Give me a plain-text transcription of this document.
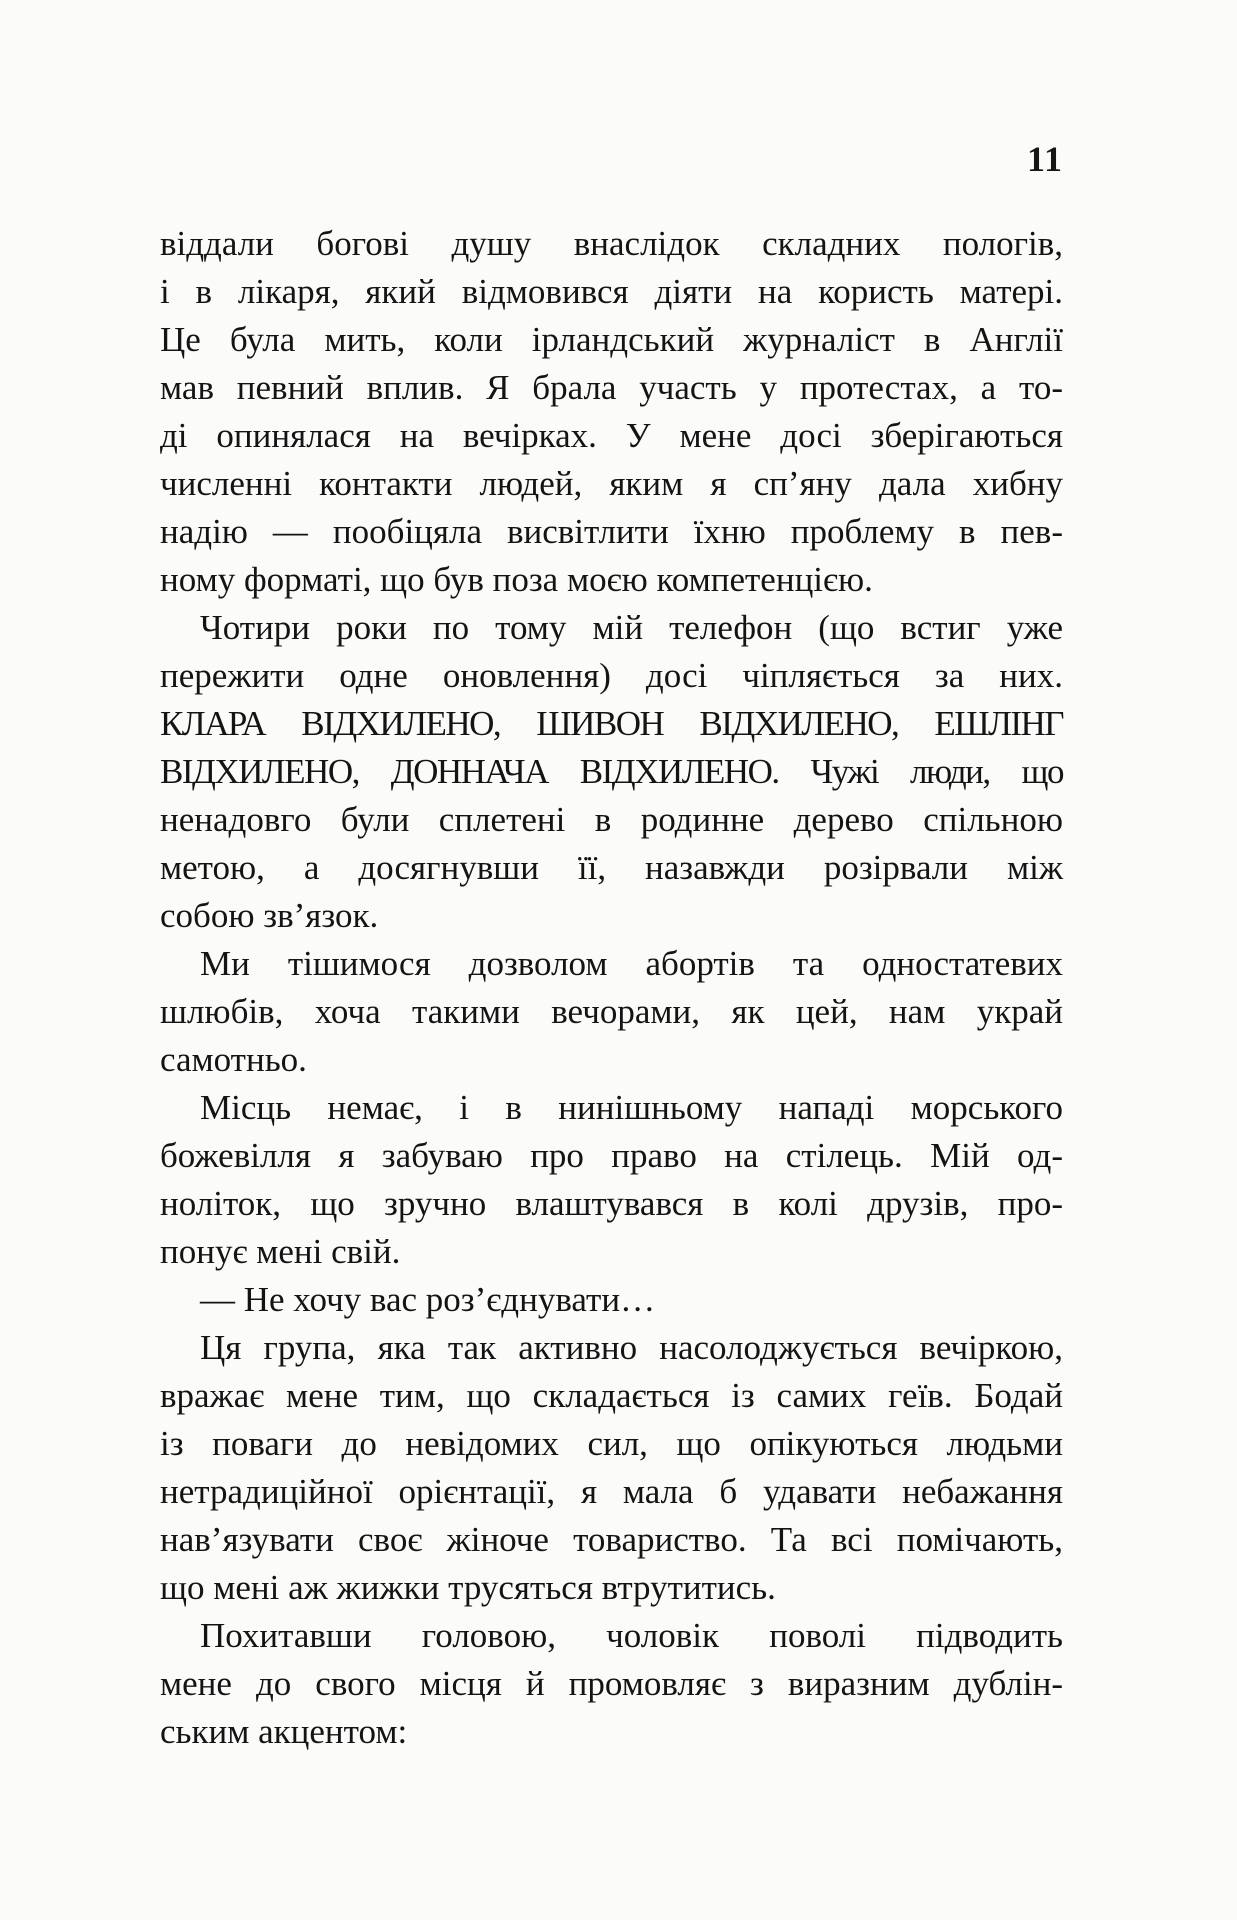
11
віддали богові душу внаслідок складних пологів,
і в лікаря, який відмовився діяти на користь матері.
Це була мить, коли ірландський журналіст в Англії
мав певний вплив. Я брала участь у протестах, а то-
ді опинялася на вечірках. У мене досі зберігаються
численні контакти людей, яким я сп’яну дала хибну
надію — пообіцяла висвітлити їхню проблему в пев-
ному форматі, що був поза моєю компетенцією.
Чотири роки по тому мій телефон (що встиг уже
пережити одне оновлення) досі чіпляється за них.
КЛАРА ВІДХИЛЕНО, ШИВОН ВІДХИЛЕНО, ЕШЛІНГ
ВІДХИЛЕНО, ДОННАЧА ВІДХИЛЕНО. Чужі люди, що
ненадовго були сплетені в родинне дерево спільною
метою, а досягнувши її, назавжди розірвали між
собою зв’язок.
Ми тішимося дозволом абортів та одностатевих
шлюбів, хоча такими вечорами, як цей, нам украй
самотньо.
Місць немає, і в нинішньому нападі морського
божевілля я забуваю про право на стілець. Мій од-
ноліток, що зручно влаштувався в колі друзів, про-
понує мені свій.
— Не хочу вас роз’єднувати…
Ця група, яка так активно насолоджується вечіркою,
вражає мене тим, що складається із самих геїв. Бодай
із поваги до невідомих сил, що опікуються людьми
нетрадиційної орієнтації, я мала б удавати небажання
нав’язувати своє жіноче товариство. Та всі помічають,
що мені аж жижки трусяться втрутитись.
Похитавши головою, чоловік поволі підводить
мене до свого місця й промовляє з виразним дублін-
ським акцентом:
